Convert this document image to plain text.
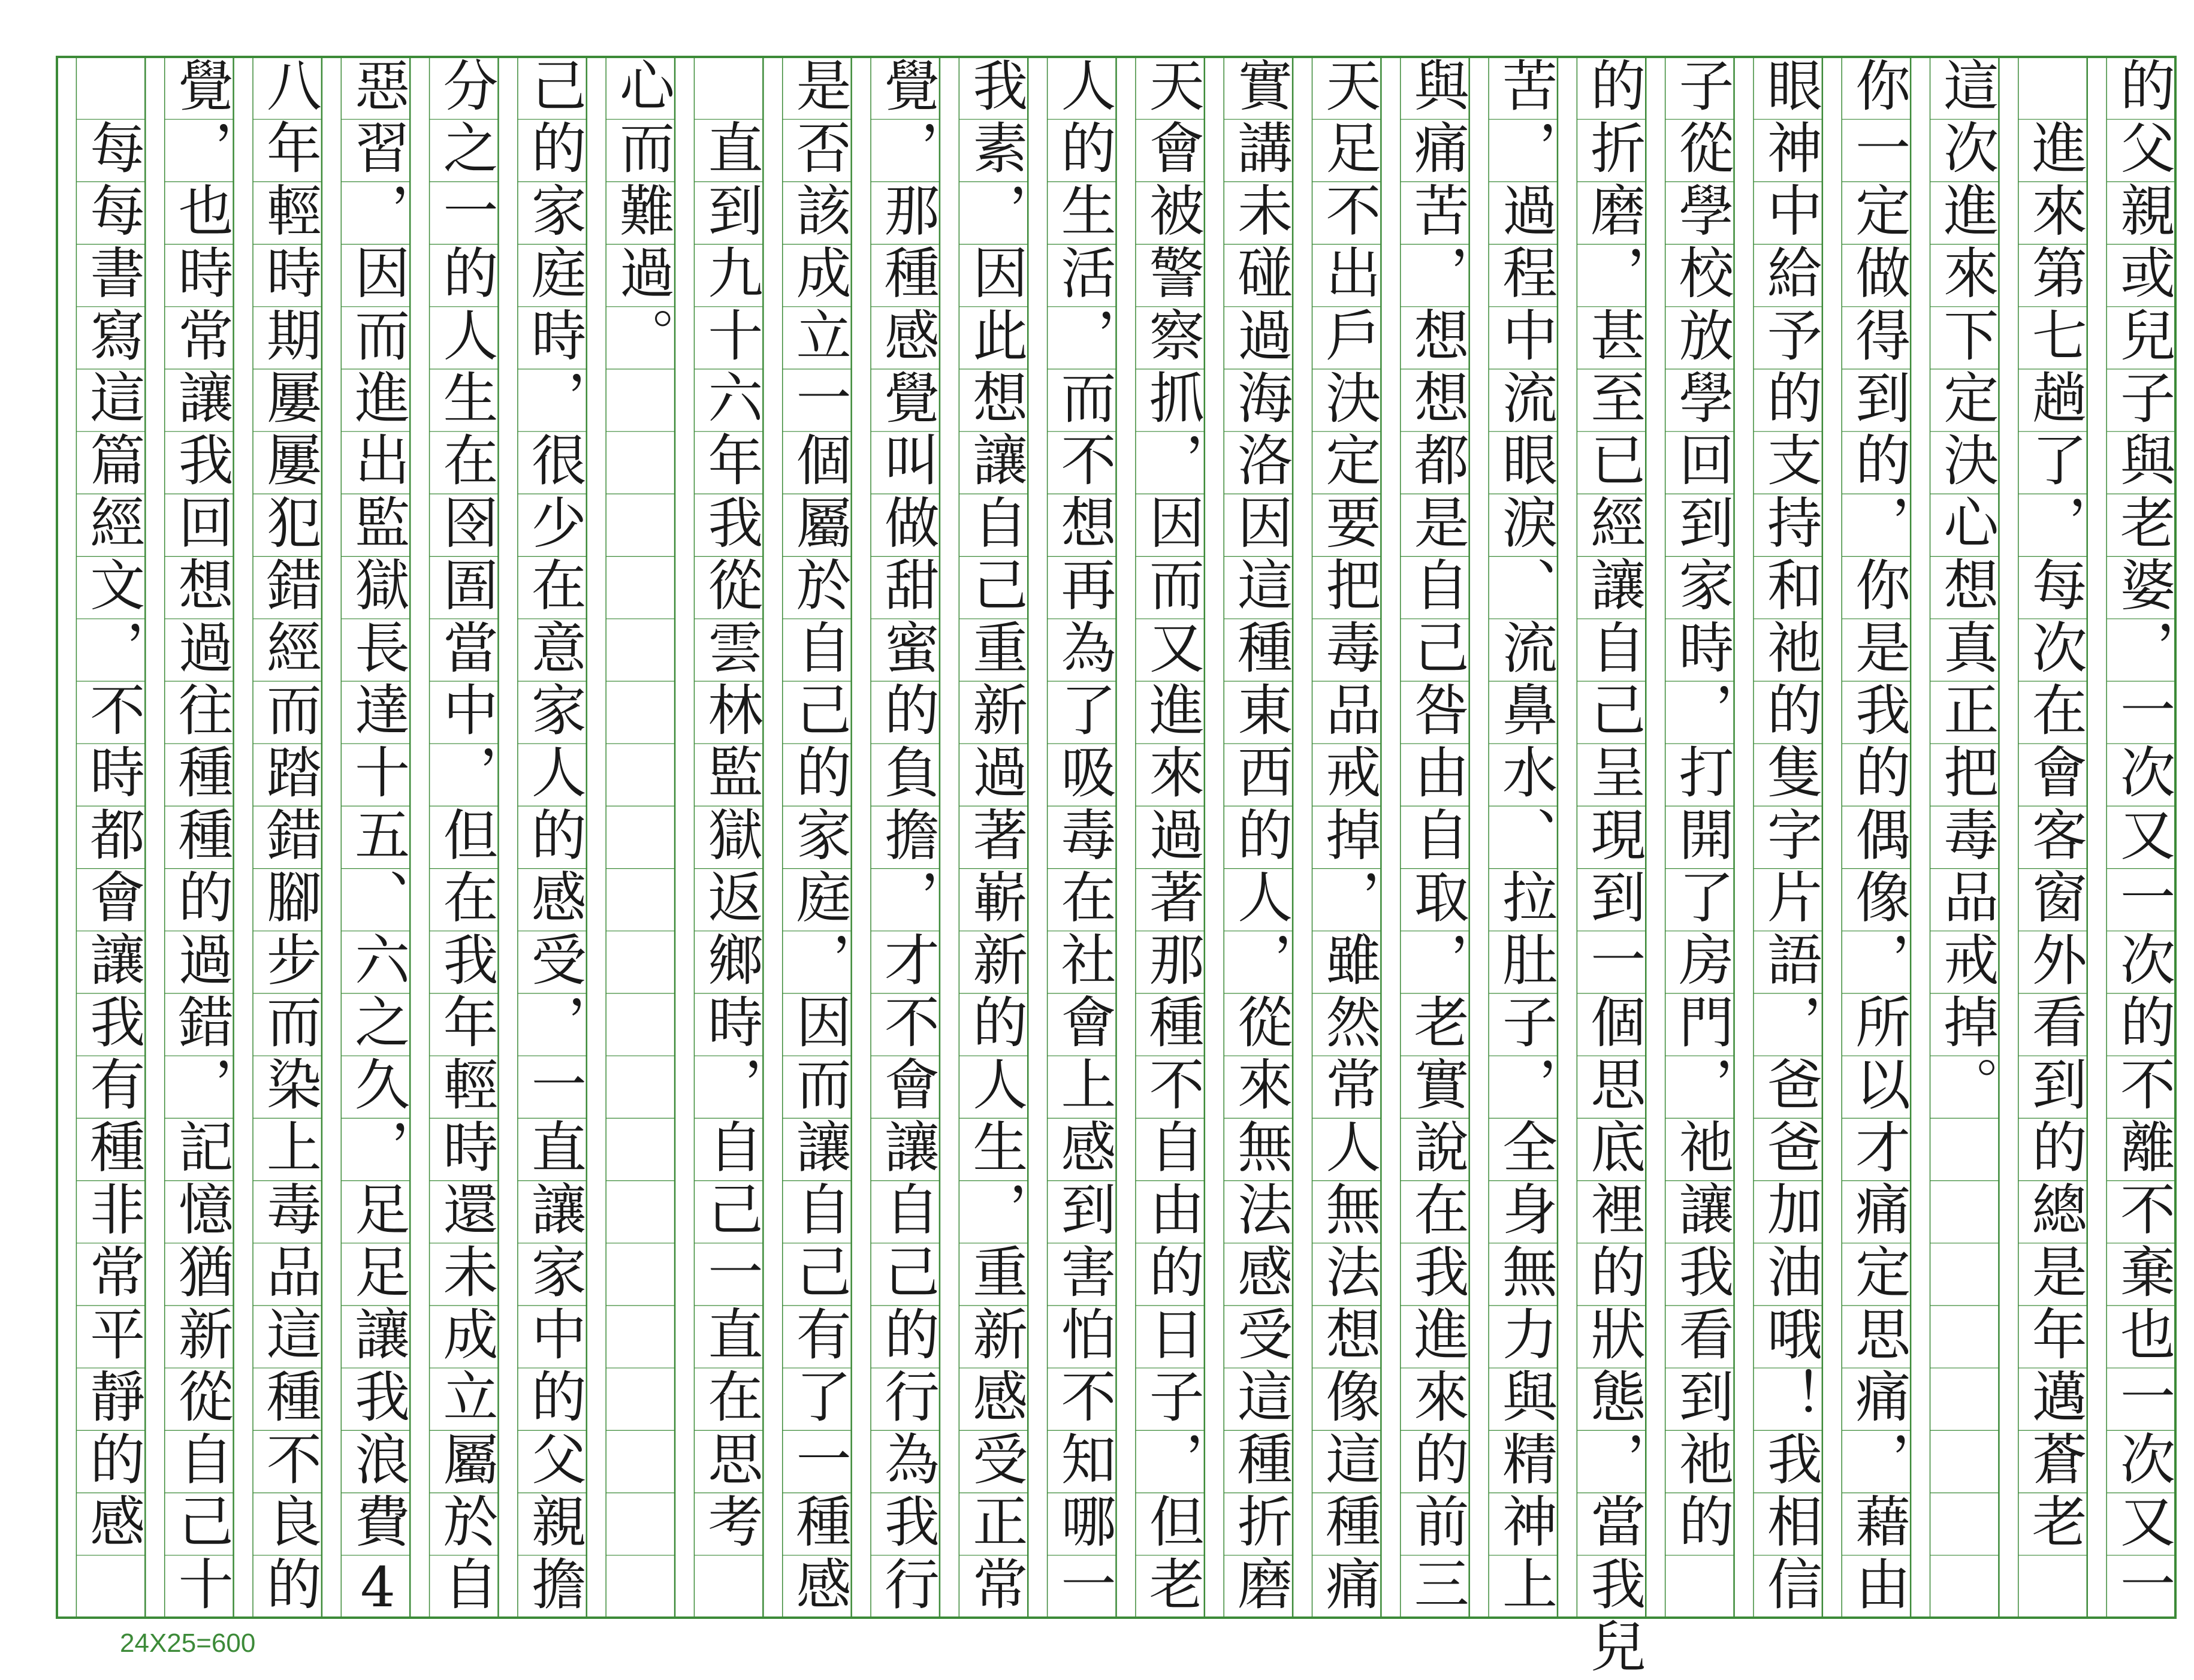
的父親或兒子與老婆，一次又一次的不離不棄也一次又一
　進來第七趟了，每次在會客窗外看到的總是年邁蒼老
這次進來下定決心想真正把毒品戒掉。
你一定做得到的，你是我的偶像，所以才痛定思痛，藉由
眼神中給予的支持和祂的隻字片語，爸爸加油哦！我相信
子從學校放學回到家時，打開了房門，祂讓我看到祂的
的折磨，甚至已經讓自己呈現到一個思底裡的狀態，當我兒
苦，過程中流眼淚、流鼻水、拉肚子，全身無力與精神上
與痛苦，想想都是自己咎由自取，老實說在我進來的前三
天足不出戶決定要把毒品戒掉，雖然常人無法想像這種痛
實講未碰過海洛因這種東西的人，從來無法感受這種折磨
天會被警察抓，因而又進來過著那種不自由的日子，但老
人的生活，而不想再為了吸毒在社會上感到害怕不知哪一
我素，因此想讓自己重新過著嶄新的人生，重新感受正常
覺，那種感覺叫做甜蜜的負擔，才不會讓自己的行為我行
是否該成立一個屬於自己的家庭，因而讓自己有了一種感
　直到九十六年我從雲林監獄返鄉時，自己一直在思考
心而難過。
己的家庭時，很少在意家人的感受，一直讓家中的父親擔
分之一的人生在囹圄當中，但在我年輕時還未成立屬於自
惡習，因而進出監獄長達十五、六之久，足足讓我浪費4
八年輕時期屢屢犯錯經而踏錯腳步而染上毒品這種不良的
覺，也時常讓我回想過往種種的過錯，記憶猶新從自己十
　每每書寫這篇經文，不時都會讓我有種非常平靜的感
24X25=600
